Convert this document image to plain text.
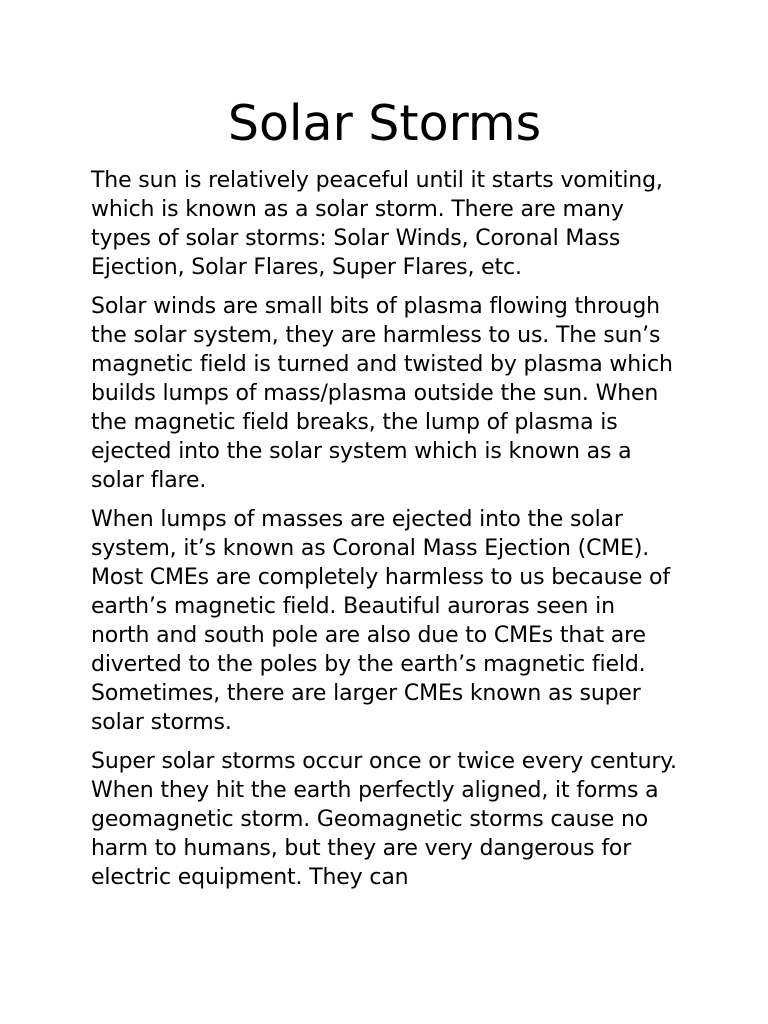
Solar Storms

The sun is relatively peaceful until it starts vomiting, which is known as a solar storm. There are many types of solar storms: Solar Winds, Coronal Mass Ejection, Solar Flares, Super Flares, etc.

Solar winds are small bits of plasma flowing through the solar system, they are harmless to us. The sun’s magnetic field is turned and twisted by plasma which builds lumps of mass/plasma outside the sun. When the magnetic field breaks, the lump of plasma is ejected into the solar system which is known as a solar flare.

When lumps of masses are ejected into the solar system, it’s known as Coronal Mass Ejection (CME). Most CMEs are completely harmless to us because of earth’s magnetic field. Beautiful auroras seen in north and south pole are also due to CMEs that are diverted to the poles by the earth’s magnetic field. Sometimes, there are larger CMEs known as super solar storms.

Super solar storms occur once or twice every century. When they hit the earth perfectly aligned, it forms a geomagnetic storm. Geomagnetic storms cause no harm to humans, but they are very dangerous for electric equipment. They can
